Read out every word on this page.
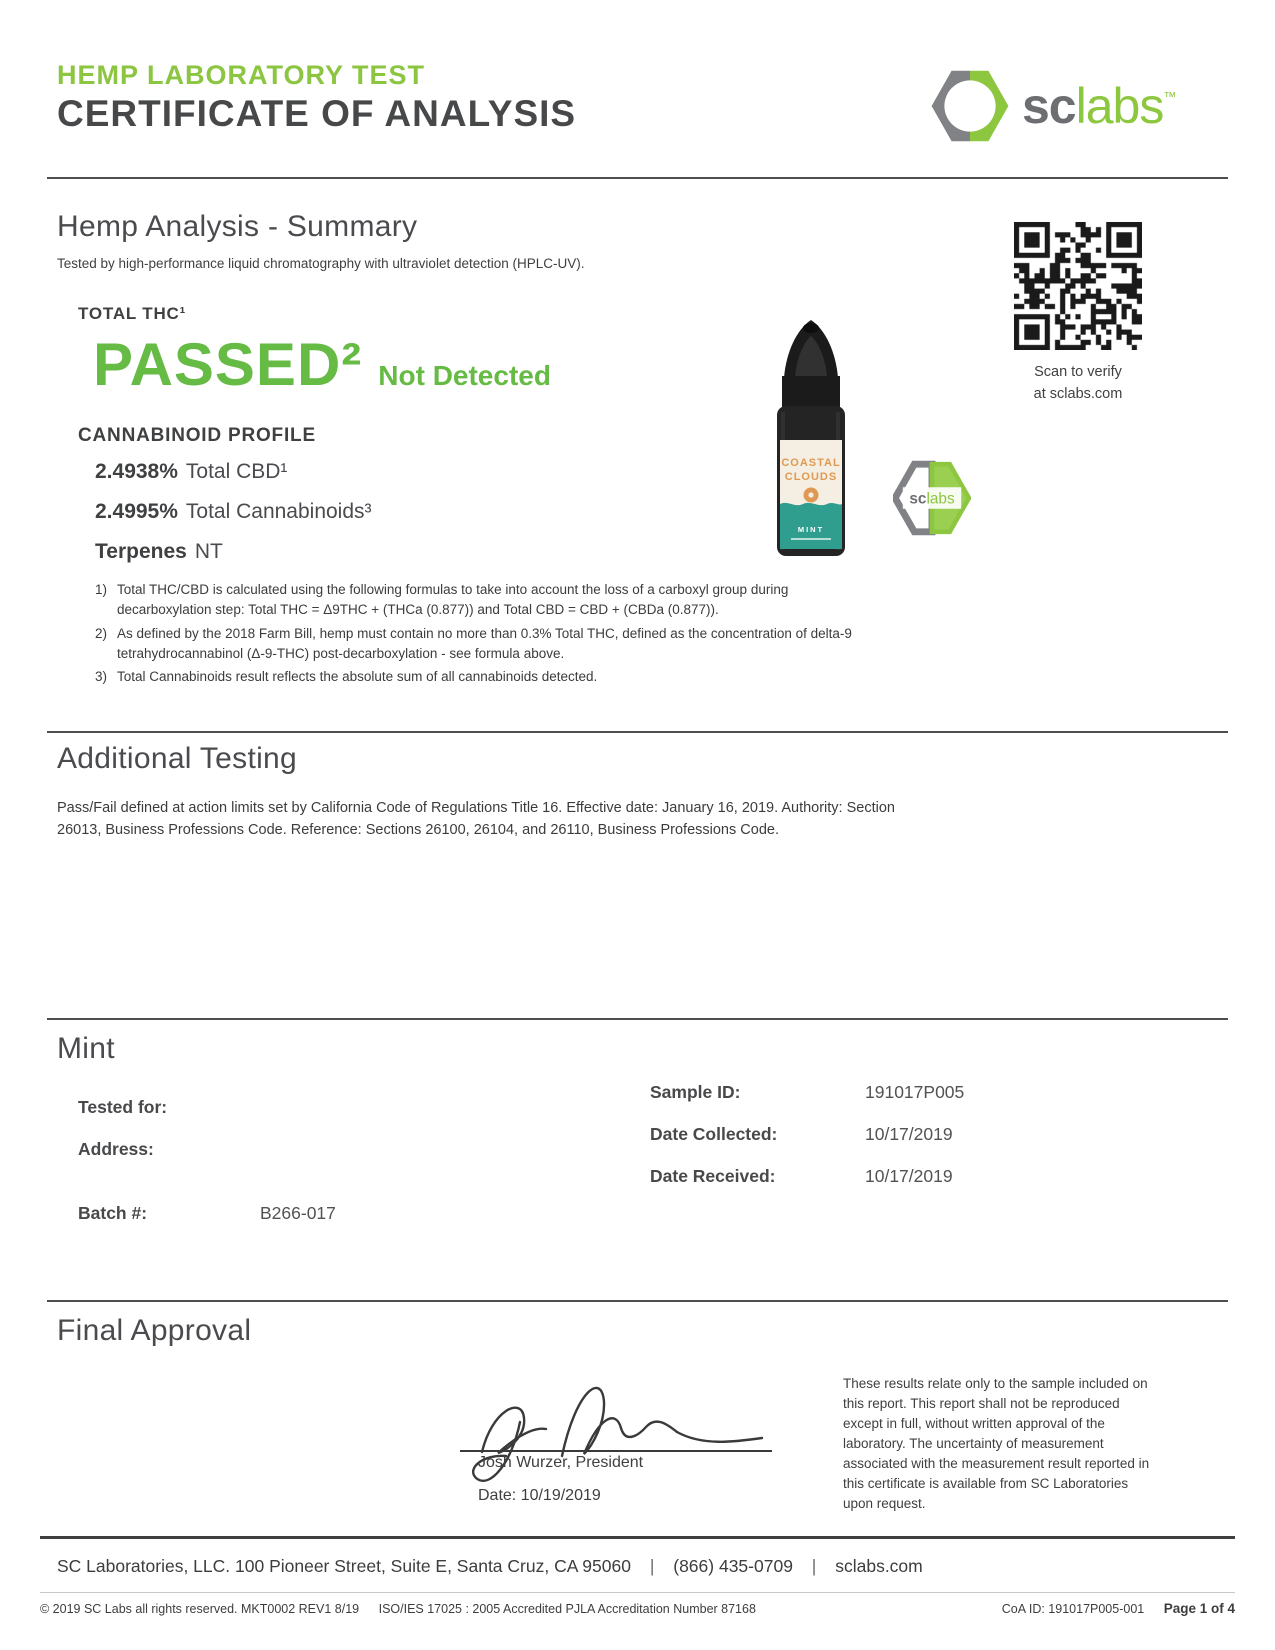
HEMP LABORATORY TEST
CERTIFICATE OF ANALYSIS	sclabs™
Hemp Analysis - Summary
Tested by high-performance liquid chromatography with ultraviolet detection (HPLC-UV).
Scan to verify
at sclabs.com
TOTAL THC¹
PASSED² Not Detected
CANNABINOID PROFILE
2.4938% Total CBD¹
2.4995% Total Cannabinoids³
Terpenes NT
COASTAL
CLOUDS
MINT
sclabs
1) Total THC/CBD is calculated using the following formulas to take into account the loss of a carboxyl group during decarboxylation step: Total THC = Δ9THC + (THCa (0.877)) and Total CBD = CBD + (CBDa (0.877)).
2) As defined by the 2018 Farm Bill, hemp must contain no more than 0.3% Total THC, defined as the concentration of delta-9 tetrahydrocannabinol (Δ-9-THC) post-decarboxylation - see formula above.
3) Total Cannabinoids result reflects the absolute sum of all cannabinoids detected.
Additional Testing
Pass/Fail defined at action limits set by California Code of Regulations Title 16. Effective date: January 16, 2019. Authority: Section 26013, Business Professions Code. Reference: Sections 26100, 26104, and 26110, Business Professions Code.
Mint
Tested for:
Address:
Batch #:	B266-017
Sample ID:	191017P005
Date Collected:	10/17/2019
Date Received:	10/17/2019
Final Approval
Josh Wurzer, President
Date: 10/19/2019
These results relate only to the sample included on this report. This report shall not be reproduced except in full, without written approval of the laboratory. The uncertainty of measurement associated with the measurement result reported in this certificate is available from SC Laboratories upon request.
SC Laboratories, LLC. 100 Pioneer Street, Suite E, Santa Cruz, CA 95060 | (866) 435-0709 | sclabs.com
© 2019 SC Labs all rights reserved. MKT0002 REV1 8/19 ISO/IES 17025 : 2005 Accredited PJLA Accreditation Number 87168	CoA ID: 191017P005-001 Page 1 of 4
